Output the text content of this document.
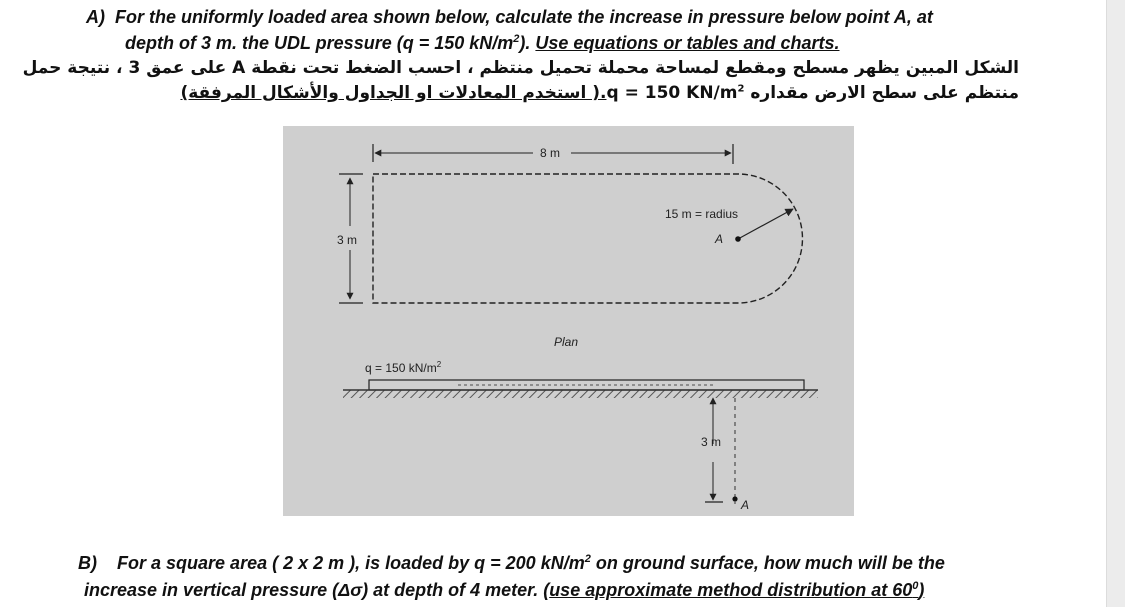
A) For the uniformly loaded area shown below, calculate the increase in pressure below point A, at
depth of 3 m. the UDL pressure (q = 150 $kN/m^2$). Use equations or tables and charts.
الشكل المبين يظهر مسطح ومقطع لمساحة محملة تحميل منتظم ، احسب الضغط تحت نقطة A على عمق 3 ، نتيجة حمل
منتظم على سطح الارض مقداره q = 150 $KN/m^2$.( استخدم المعادلات او الجداول والأشكال المرفقة)
8 m
3 m
15 m = radius
A
Plan
q = 150 $kN/m^2$
3 m
A
B) For a square area ( 2 x 2 m ), is loaded by q = 200 $kN/m^2$ on ground surface, how much will be the
increase in vertical pressure (Δσ) at depth of 4 meter. (use approximate method distribution at $60^0$)
